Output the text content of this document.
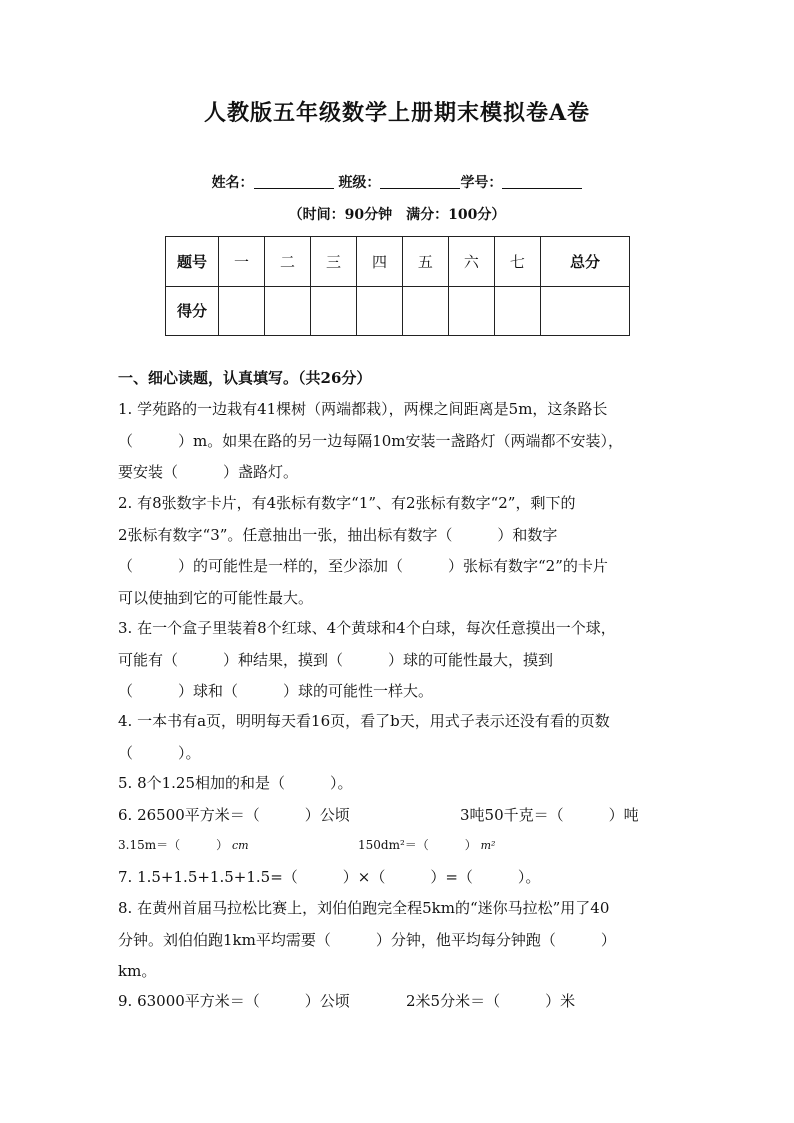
人教版五年级数学上册期末模拟卷A卷
姓名：	班级：	学号：
（时间：90分钟　满分：100分）
题号	一	二	三	四	五	六	七	总分
得分								
一、细心读题，认真填写。（共26分）
1. 学苑路的一边栽有41棵树（两端都栽），两棵之间距离是5m，这条路长
（　　　）m。如果在路的另一边每隔10m安装一盏路灯（两端都不安装），
要安装（　　　）盏路灯。
2. 有8张数字卡片，有4张标有数字“1”、有2张标有数字“2”，剩下的
2张标有数字“3”。任意抽出一张，抽出标有数字（　　　）和数字
（　　　）的可能性是一样的，至少添加（　　　）张标有数字“2”的卡片
可以使抽到它的可能性最大。
3. 在一个盒子里装着8个红球、4个黄球和4个白球，每次任意摸出一个球，
可能有（　　　）种结果，摸到（　　　）球的可能性最大，摸到
（　　　）球和（　　　）球的可能性一样大。
4. 一本书有a页，明明每天看16页，看了b天，用式子表示还没有看的页数
（　　　）。
5. 8个1.25相加的和是（　　　）。
6. 26500平方米＝（　　　）公顷	3吨50千克＝（　　　）吨
3.15m＝（　　　） cm	150dm²＝（　　　） m²
7. 1.5+1.5+1.5+1.5=（　　　）×（　　　）=（　　　）。
8. 在黄州首届马拉松比赛上，刘伯伯跑完全程5km的“迷你马拉松”用了40
分钟。刘伯伯跑1km平均需要（　　　）分钟，他平均每分钟跑（　　　）
km。
9. 63000平方米＝（　　　）公顷	2米5分米＝（　　　）米
